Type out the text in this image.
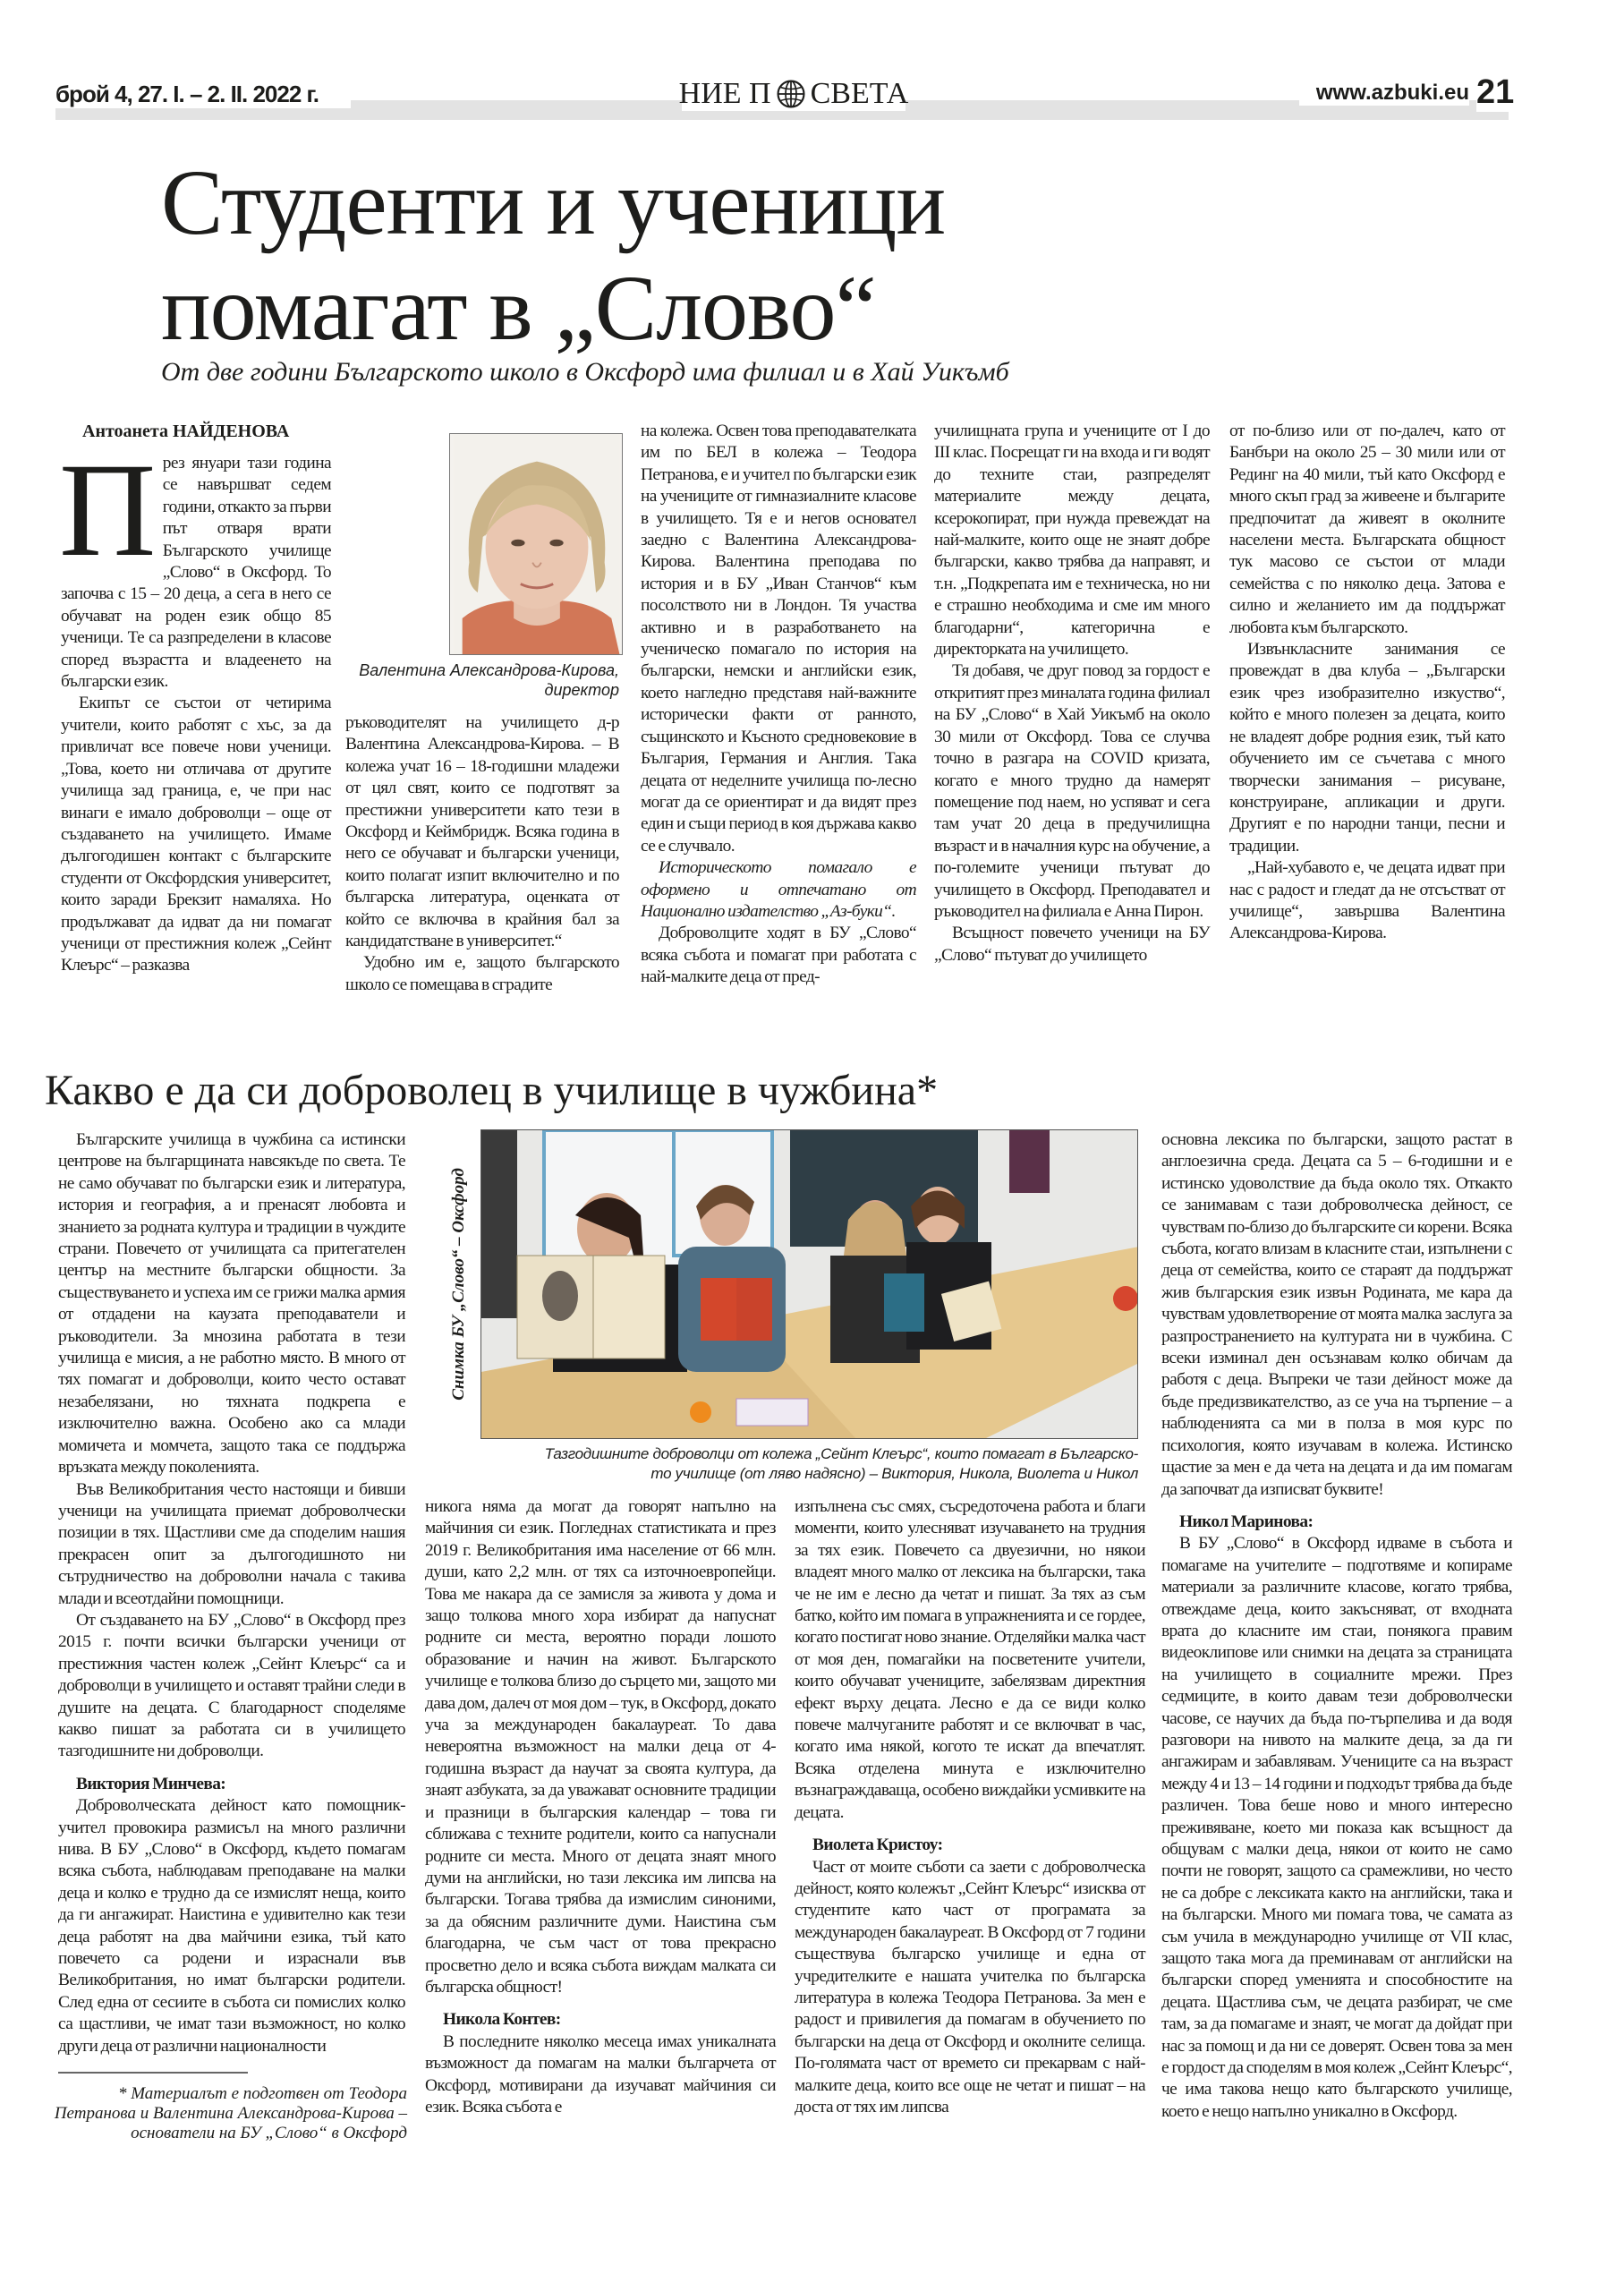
брой 4, 27. I. – 2. II. 2022 г.	НИЕ П СВЕТА	www.azbuki.eu 21
Студенти и ученици
помагат в „Слово“
От две години Българското школо в Оксфорд има филиал и в Хай Уикъмб
Антоанета НАЙДЕНОВА

През януари тази година се навършват седем години, откакто за първи път отваря врати Българското училище „Слово“ в Оксфорд. То започва с 15 – 20 деца, а сега в него се обучават на роден език общо 85 ученици. Те са разпределени в класове според възрастта и владеенето на български език.

Екипът се състои от четирима учители, които работят с хъс, за да привличат все повече нови ученици. „Това, което ни отличава от другите училища зад граница, е, че при нас винаги е имало доброволци – още от създаването на училището. Имаме дългогодишен контакт с българските студенти от Оксфордския университет, които заради Брекзит намаляха. Но продължават да идват да ни помагат ученици от престижния колеж „Сейнт Клеърс“ – разказва

Валентина Александрова-Кирова,
директор

ръководителят на училището д-р Валентина Александрова-Кирова. – В колежа учат 16 – 18-годишни младежи от цял свят, които се подготвят за престижни университети като тези в Оксфорд и Кеймбридж. Всяка година в него се обучават и български ученици, които полагат изпит включително и по българска литература, оценката от който се включва в крайния бал за кандидатстване в университет.“

Удобно им е, защото българското школо се помещава в сградите

на колежа. Освен това преподавателката им по БЕЛ в колежа – Теодора Петранова, е и учител по български език на учениците от гимназиалните класове в училището. Тя е и негов основател заедно с Валентина Александрова-Кирова. Валентина преподава по история и в БУ „Иван Станчов“ към посолството ни в Лондон. Тя участва активно и в разработването на ученическо помагало по история на български, немски и английски език, което нагледно представя най-важните исторически факти от ранното, същинското и Късното средновековие в България, Германия и Англия. Така децата от неделните училища по-лесно могат да се ориентират и да видят през един и същи период в коя държава какво се е случвало.

Историческото помагало е оформено и отпечатано от Национално издателство „Аз-буки“.

Доброволците ходят в БУ „Слово“ всяка събота и помагат при работата с най-малките деца от пред-

училищната група и учениците от I до III клас. Посрещат ги на входа и ги водят до техните стаи, разпределят материалите между децата, ксерокопират, при нужда превеждат на най-малките, които още не знаят добре български, какво трябва да направят, и т.н. „Подкрепата им е техническа, но ни е страшно необходима и сме им много благодарни“, категорична е директорката на училището.

Тя добавя, че друг повод за гордост е откритият през миналата година филиал на БУ „Слово“ в Хай Уикъмб на около 30 мили от Оксфорд. Това се случва точно в разгара на COVID кризата, когато е много трудно да намерят помещение под наем, но успяват и сега там учат 20 деца в предучилищна възраст и в началния курс на обучение, а по-големите ученици пътуват до училището в Оксфорд. Преподавател и ръководител на филиала е Анна Пирон.

Всъщност повечето ученици на БУ „Слово“ пътуват до училището

от по-близо или от по-далеч, като от Банбъри на около 25 – 30 мили или от Рединг на 40 мили, тъй като Оксфорд е много скъп град за живеене и българите предпочитат да живеят в околните населени места. Българската общност тук масово се състои от млади семейства с по няколко деца. Затова е силно и желанието им да поддържат любовта към българското.

Извънкласните занимания се провеждат в два клуба – „Български език чрез изобразително изкуство“, който е много полезен за децата, които не владеят добре родния език, тъй като обучението им се съчетава с много творчески занимания – рисуване, конструиране, апликации и други. Другият е по народни танци, песни и традиции.

„Най-хубавото е, че децата идват при нас с радост и гледат да не отсъстват от училище“, завършва Валентина Александрова-Кирова.

Какво е да си доброволец в училище в чужбина*

Българските училища в чужбина са истински центрове на българщината навсякъде по света. Те не само обучават по български език и литература, история и география, а и пренасят любовта и знанието за родната култура и традиции в чуждите страни. Повечето от училищата са притегателен център на местните български общности. За съществуването и успеха им се грижи малка армия от отдадени на каузата преподаватели и ръководители. За мнозина работата в тези училища е мисия, а не работно място. В много от тях помагат и доброволци, които често остават незабелязани, но тяхната подкрепа е изключително важна. Особено ако са млади момичета и момчета, защото така се поддържа връзката между поколенията.

Във Великобритания често настоящи и бивши ученици на училищата приемат доброволчески позиции в тях. Щастливи сме да споделим нашия прекрасен опит за дългогодишното ни сътрудничество на доброволни начала с такива млади и всеотдайни помощници.

От създаването на БУ „Слово“ в Оксфорд през 2015 г. почти всички български ученици от престижния частен колеж „Сейнт Клеърс“ са и доброволци в училището и оставят трайни следи в душите на децата. С благодарност споделяме какво пишат за работата си в училището тазгодишните ни доброволци.

Виктория Минчева:

Доброволческата дейност като помощник-учител провокира размисъл на много различни нива. В БУ „Слово“ в Оксфорд, където помагам всяка събота, наблюдавам преподаване на малки деца и колко е трудно да се измислят неща, които да ги ангажират. Наистина е удивително как тези деца работят на два майчини езика, тъй като повечето са родени и израснали във Великобритания, но имат български родители. След една от сесиите в събота си помислих колко са щастливи, че имат тази възможност, но колко други деца от различни националности

* Материалът е подготвен от Теодора Петранова и Валентина Александрова-Кирова – основатели на БУ „Слово“ в Оксфорд
Снимка БУ „Слово“ – Оксфорд
Тазгодишните доброволци от колежа „Сейнт Клеърс“, които помагат в Българско-
то училище (от ляво надясно) – Виктория, Никола, Виолета и Никол

никога няма да могат да говорят напълно на майчиния си език. Погледнах статистиката и през 2019 г. Великобритания има население от 66 млн. души, като 2,2 млн. от тях са източноевропейци. Това ме накара да се замисля за живота у дома и защо толкова много хора избират да напуснат родните си места, вероятно поради лошото образование и начин на живот. Българското училище е толкова близо до сърцето ми, защото ми дава дом, далеч от моя дом – тук, в Оксфорд, докато уча за международен бакалауреат. То дава невероятна възможност на малки деца от 4-годишна възраст да научат за своята култура, да знаят азбуката, за да уважават основните традиции и празници в българския календар – това ги сближава с техните родители, които са напуснали родните си места. Много от децата знаят много думи на английски, но тази лексика им липсва на български. Тогава трябва да измислим синоними, за да обясним различните думи. Наистина съм благодарна, че съм част от това прекрасно просветно дело и всяка събота виждам малката си българска общност!

Никола Контев:

В последните няколко месеца имах уникалната възможност да помагам на малки българчета от Оксфорд, мотивирани да изучават майчиния си език. Всяка събота е

изпълнена със смях, съсредоточена работа и благи моменти, които улесняват изучаването на трудния за тях език. Повечето са двуезични, но някои владеят много малко от лексика на български, така че не им е лесно да четат и пишат. За тях аз съм батко, който им помага в упражненията и се гордее, когато постигат ново знание. Отделяйки малка част от моя ден, помагайки на посветените учители, които обучават учениците, забелязвам директния ефект върху децата. Лесно е да се види колко повече малчуганите работят и се включват в час, когато има някой, когото те искат да впечатлят. Всяка отделена минута е изключително възнаграждаваща, особено виждайки усмивките на децата.

Виолета Кристоу:

Част от моите съботи са заети с доброволческа дейност, която колежът „Сейнт Клеърс“ изисква от студентите като част от програмата за международен бакалауреат. В Оксфорд от 7 години съществува българско училище и една от учредителките е нашата учителка по българска литература в колежа Теодора Петранова. За мен е радост и привилегия да помагам в обучението по български на деца от Оксфорд и околните селища. По-голямата част от времето си прекарвам с най-малките деца, които все още не четат и пишат – на доста от тях им липсва

основна лексика по български, защото растат в англоезична среда. Децата са 5 – 6-годишни и е истинско удоволствие да бъда около тях. Откакто се занимавам с тази доброволческа дейност, се чувствам по-близо до българските си корени. Всяка събота, когато влизам в класните стаи, изпълнени с деца от семейства, които се стараят да поддържат жив българския език извън Родината, ме кара да чувствам удовлетворение от моята малка заслуга за разпространението на културата ни в чужбина. С всеки изминал ден осъзнавам колко обичам да работя с деца. Въпреки че тази дейност може да бъде предизвикателство, аз се уча на търпение – а наблюденията са ми в полза в моя курс по психология, която изучавам в колежа. Истинско щастие за мен е да чета на децата и да им помагам да започват да изписват буквите!

Никол Маринова:

В БУ „Слово“ в Оксфорд идваме в събота и помагаме на учителите – подготвяме и копираме материали за различните класове, когато трябва, отвеждаме деца, които закъсняват, от входната врата до класните им стаи, понякога правим видеоклипове или снимки на децата за страницата на училището в социалните мрежи. През седмиците, в които давам тези доброволчески часове, се научих да бъда по-търпелива и да водя разговори на нивото на малките деца, за да ги ангажирам и забавлявам. Учениците са на възраст между 4 и 13 – 14 години и подходът трябва да бъде различен. Това беше ново и много интересно преживяване, което ми показа как всъщност да общувам с малки деца, някои от които не само почти не говорят, защото са срамежливи, но често не са добре с лексиката както на английски, така и на български. Много ми помага това, че самата аз съм учила в международно училище от VII клас, защото така мога да преминавам от английски на български според уменията и способностите на децата. Щастлива съм, че децата разбират, че сме там, за да помагаме и знаят, че могат да дойдат при нас за помощ и да ни се доверят. Освен това за мен е гордост да споделям в моя колеж „Сейнт Клеърс“, че има такова нещо като българското училище, което е нещо напълно уникално в Оксфорд.
